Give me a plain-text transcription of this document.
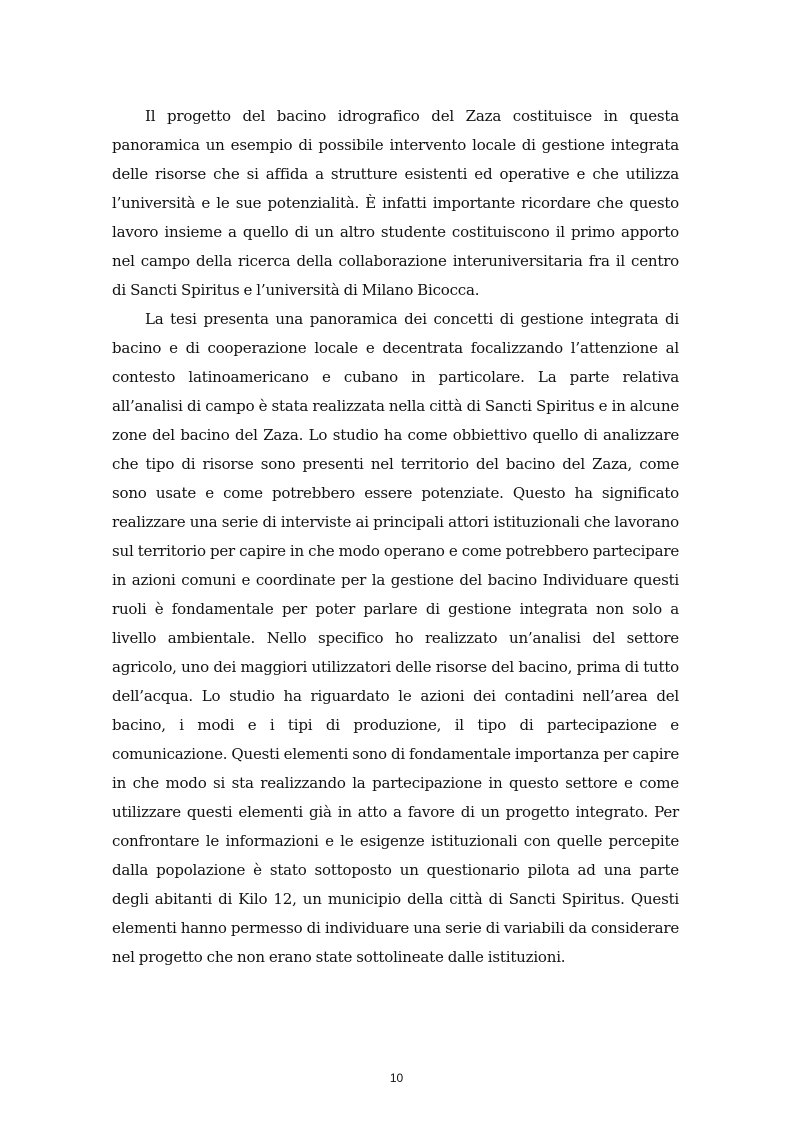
Il progetto del bacino idrografico del Zaza costituisce in questa panoramica un esempio di possibile intervento locale di gestione integrata delle risorse che si affida a strutture esistenti ed operative e che utilizza l’università e le sue potenzialità. È infatti importante ricordare che questo lavoro insieme a quello di un altro studente costituiscono il primo apporto nel campo della ricerca della collaborazione interuniversitaria fra il centro di Sancti Spiritus e l’università di Milano Bicocca.

La tesi presenta una panoramica dei concetti di gestione integrata di bacino e di cooperazione locale e decentrata focalizzando l’attenzione al contesto latinoamericano e cubano in particolare. La parte relativa all’analisi di campo è stata realizzata nella città di Sancti Spiritus e in alcune zone del bacino del Zaza. Lo studio ha come obbiettivo quello di analizzare che tipo di risorse sono presenti nel territorio del bacino del Zaza, come sono usate e come potrebbero essere potenziate. Questo ha significato realizzare una serie di interviste ai principali attori istituzionali che lavorano sul territorio per capire in che modo operano e come potrebbero partecipare in azioni comuni e coordinate per la gestione del bacino Individuare questi ruoli è fondamentale per poter parlare di gestione integrata non solo a livello ambientale. Nello specifico ho realizzato un’analisi del settore agricolo, uno dei maggiori utilizzatori delle risorse del bacino, prima di tutto dell’acqua. Lo studio ha riguardato le azioni dei contadini nell’area del bacino, i modi e i tipi di produzione, il tipo di partecipazione e comunicazione. Questi elementi sono di fondamentale importanza per capire in che modo si sta realizzando la partecipazione in questo settore e come utilizzare questi elementi già in atto a favore di un progetto integrato. Per confrontare le informazioni e le esigenze istituzionali con quelle percepite dalla popolazione è stato sottoposto un questionario pilota ad una parte degli abitanti di Kilo 12, un municipio della città di Sancti Spiritus. Questi elementi hanno permesso di individuare una serie di variabili da considerare nel progetto che non erano state sottolineate dalle istituzioni.

10
